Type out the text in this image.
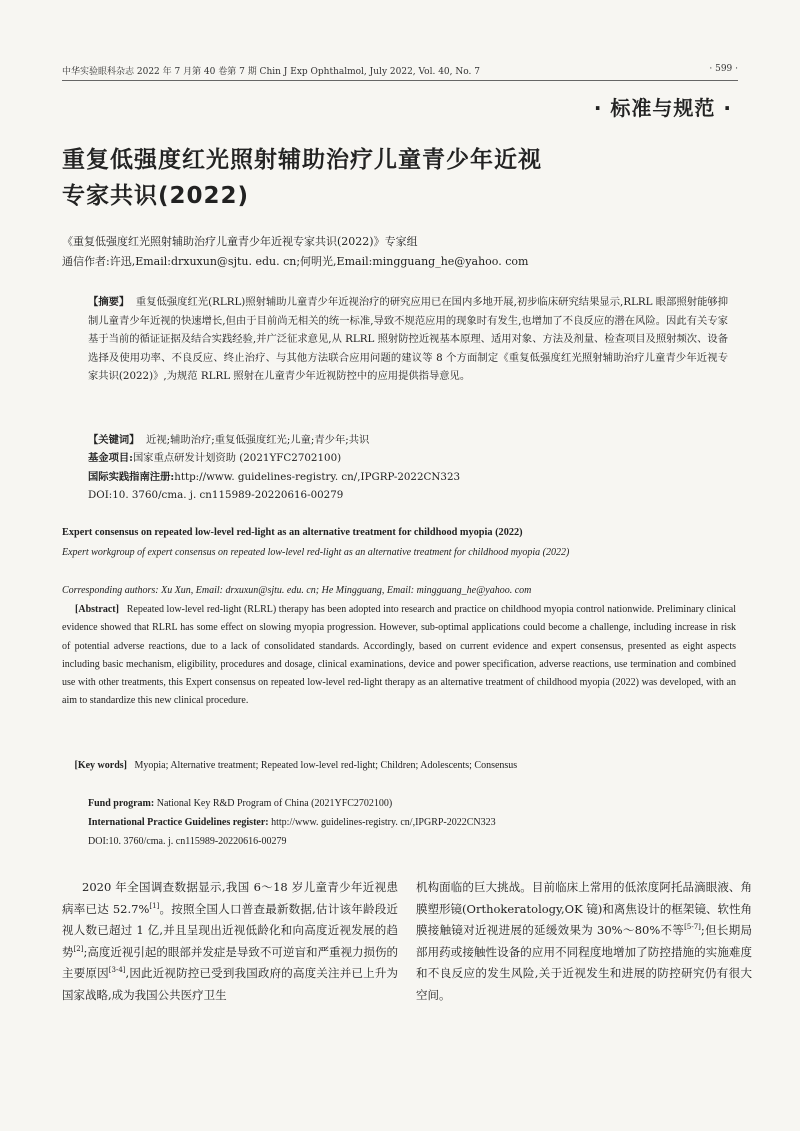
中华实验眼科杂志 2022 年 7 月第 40 卷第 7 期 Chin J Exp Ophthalmol, July 2022, Vol. 40, No. 7	· 599 ·
· 标准与规范 ·
重复低强度红光照射辅助治疗儿童青少年近视
专家共识(2022)
《重复低强度红光照射辅助治疗儿童青少年近视专家共识(2022)》专家组
通信作者:许迅,Email:drxuxun@sjtu. edu. cn;何明光,Email:mingguang_he@yahoo. com
【摘要】 重复低强度红光(RLRL)照射辅助儿童青少年近视治疗的研究应用已在国内多地开展,初步临床研究结果显示,RLRL 眼部照射能够抑制儿童青少年近视的快速增长,但由于目前尚无相关的统一标准,导致不规范应用的现象时有发生,也增加了不良反应的潜在风险。因此有关专家基于当前的循证证据及结合实践经验,并广泛征求意见,从 RLRL 照射防控近视基本原理、适用对象、方法及剂量、检查项目及照射频次、设备选择及使用功率、不良反应、终止治疗、与其他方法联合应用问题的建议等 8 个方面制定《重复低强度红光照射辅助治疗儿童青少年近视专家共识(2022)》,为规范 RLRL 照射在儿童青少年近视防控中的应用提供指导意见。
【关键词】 近视;辅助治疗;重复低强度红光;儿童;青少年;共识
基金项目:国家重点研发计划资助 (2021YFC2702100)
国际实践指南注册:http://www. guidelines-registry. cn/,IPGRP-2022CN323
DOI:10. 3760/cma. j. cn115989-20220616-00279
Expert consensus on repeated low-level red-light as an alternative treatment for childhood myopia (2022)
Expert workgroup of expert consensus on repeated low-level red-light as an alternative treatment for childhood myopia (2022)
Corresponding authors: Xu Xun, Email: drxuxun@sjtu. edu. cn; He Mingguang, Email: mingguang_he@yahoo. com
[Abstract] Repeated low-level red-light (RLRL) therapy has been adopted into research and practice on childhood myopia control nationwide. Preliminary clinical evidence showed that RLRL has some effect on slowing myopia progression. However, sub-optimal applications could become a challenge, including increase in risk of potential adverse reactions, due to a lack of consolidated standards. Accordingly, based on current evidence and expert consensus, presented as eight aspects including basic mechanism, eligibility, procedures and dosage, clinical examinations, device and power specification, adverse reactions, use termination and combined use with other treatments, this Expert consensus on repeated low-level red-light therapy as an alternative treatment of childhood myopia (2022) was developed, with an aim to standardize this new clinical procedure.
[Key words] Myopia; Alternative treatment; Repeated low-level red-light; Children; Adolescents; Consensus
Fund program: National Key R&D Program of China (2021YFC2702100)
International Practice Guidelines register: http://www. guidelines-registry. cn/,IPGRP-2022CN323
DOI:10. 3760/cma. j. cn115989-20220616-00279
2020 年全国调查数据显示,我国 6～18 岁儿童青少年近视患病率已达 52.7%[1]。按照全国人口普查最新数据,估计该年龄段近视人数已超过 1 亿,并且呈现出近视低龄化和向高度近视发展的趋势[2];高度近视引起的眼部并发症是导致不可逆盲和严重视力损伤的主要原因[3-4],因此近视防控已受到我国政府的高度关注并已上升为国家战略,成为我国公共医疗卫生
机构面临的巨大挑战。目前临床上常用的低浓度阿托品滴眼液、角膜塑形镜(Orthokeratology,OK 镜)和离焦设计的框架镜、软性角膜接触镜对近视进展的延缓效果为 30%～80%不等[5-7];但长期局部用药或接触性设备的应用不同程度地增加了防控措施的实施难度和不良反应的发生风险,关于近视发生和进展的防控研究仍有很大空间。
